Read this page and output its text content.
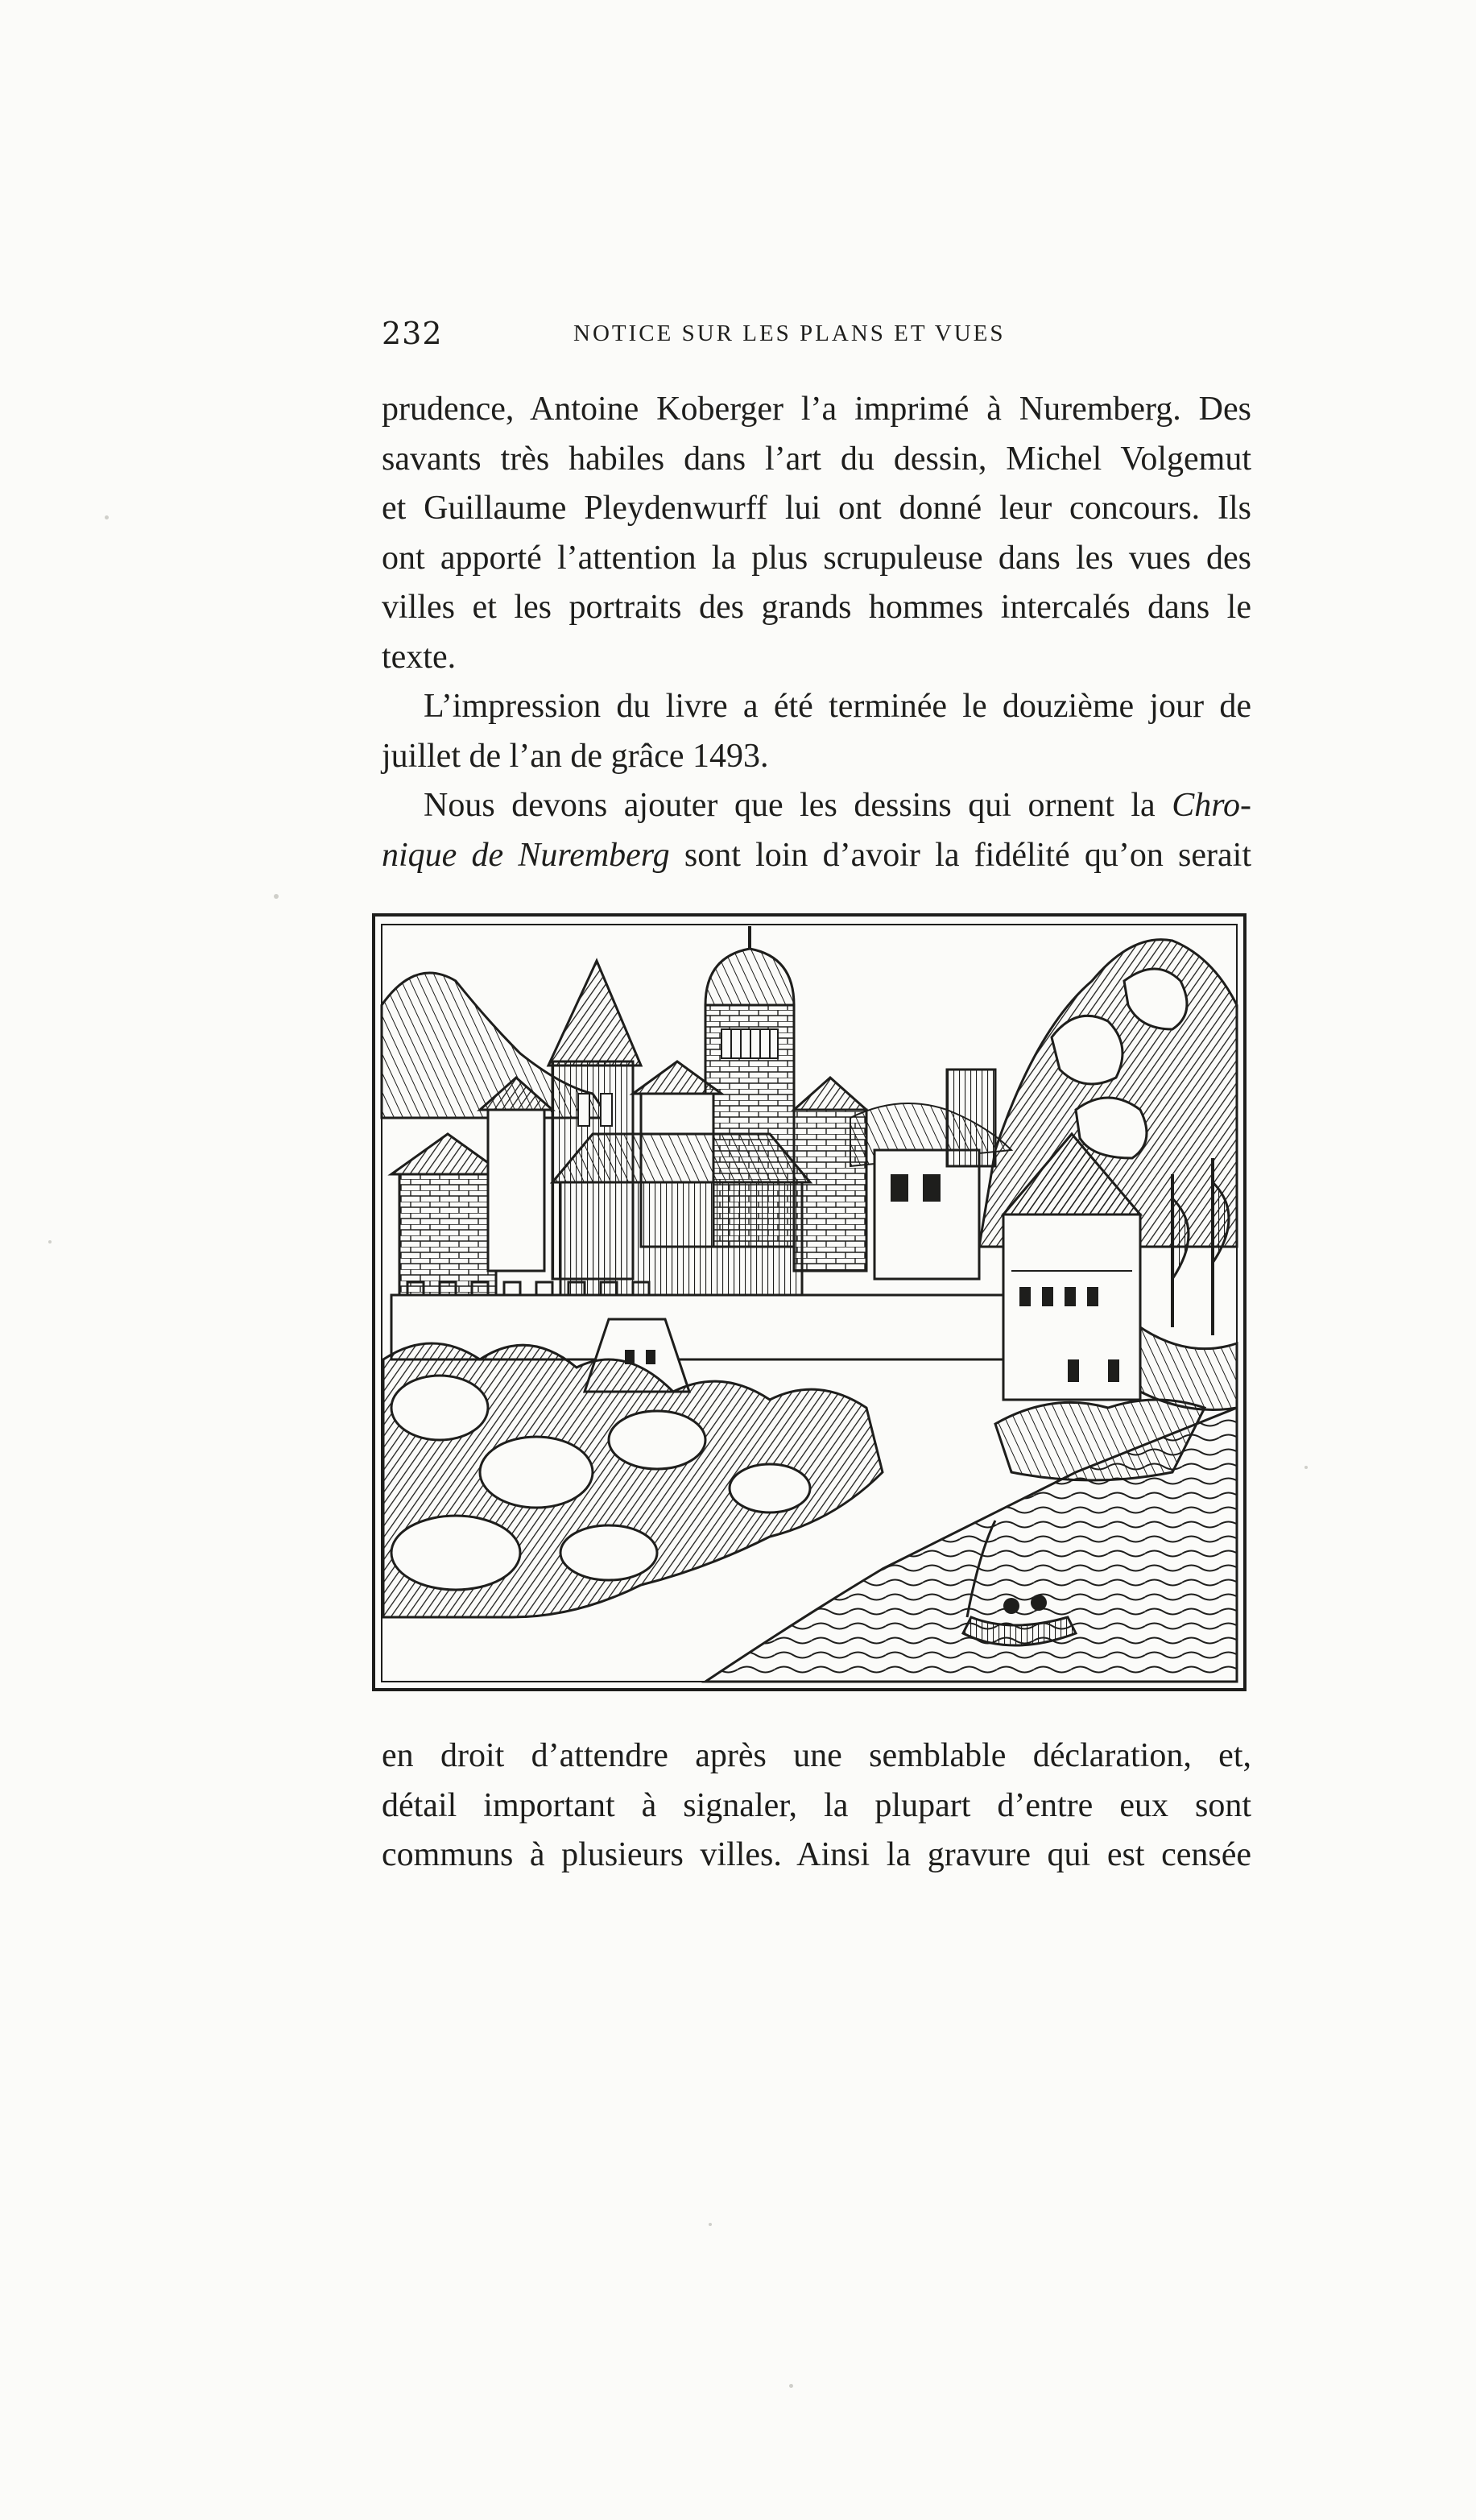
232	NOTICE SUR LES PLANS ET VUES
prudence, Antoine Koberger l’a imprimé à Nuremberg. Des
savants très habiles dans l’art du dessin, Michel Volgemut
et Guillaume Pleydenwurff lui ont donné leur concours. Ils
ont apporté l’attention la plus scrupuleuse dans les vues des
villes et les portraits des grands hommes intercalés dans le
texte.
L’impression du livre a été terminée le douzième jour de
juillet de l’an de grâce 1493.
Nous devons ajouter que les dessins qui ornent la Chro-
nique de Nuremberg sont loin d’avoir la fidélité qu’on serait
en droit d’attendre après une semblable déclaration, et,
détail important à signaler, la plupart d’entre eux sont
communs à plusieurs villes. Ainsi la gravure qui est censée
